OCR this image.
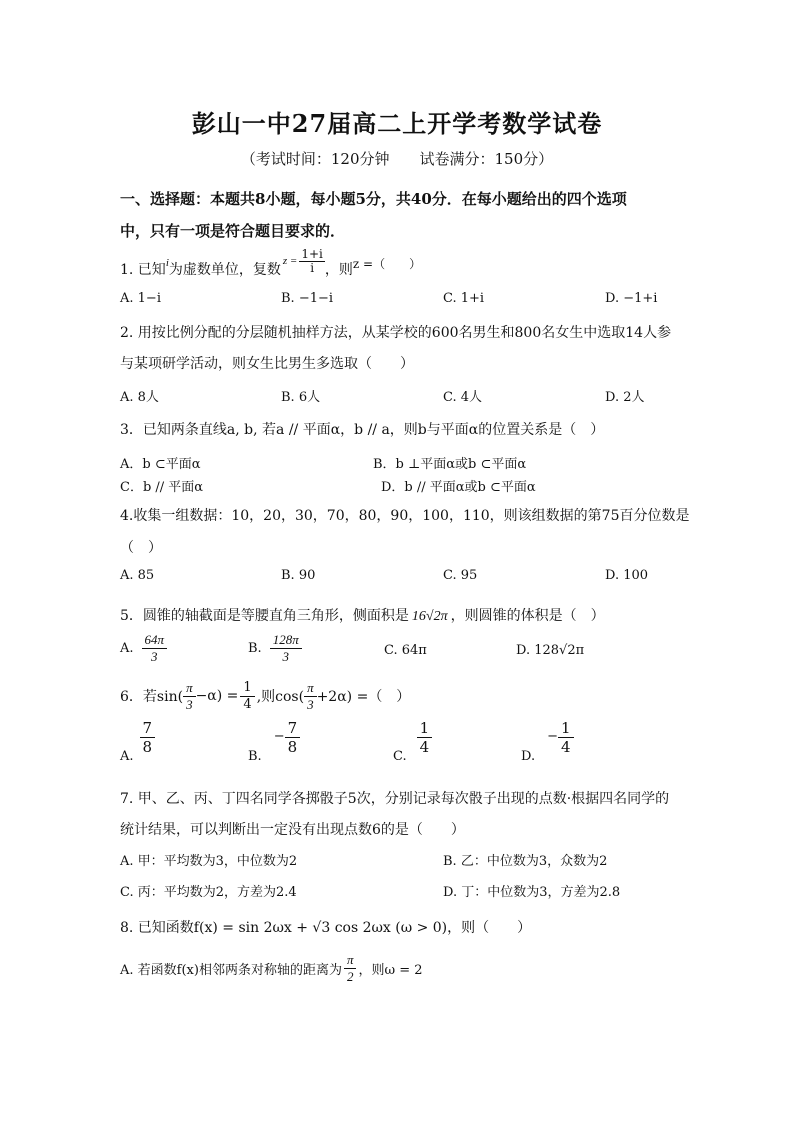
彭山一中27届高二上开学考数学试卷
（考试时间：120分钟　　试卷满分：150分）
一、选择题：本题共8小题，每小题5分，共40分．在每小题给出的四个选项
中，只有一项是符合题目要求的．
1. 已知 i 为虚数单位，复数
$z = \frac{1+i}{i}$ ，则 z =（　　）
A. 1−i	B. −1−i	C. 1+i	D. −1+i
2. 用按比例分配的分层随机抽样方法，从某学校的600名男生和800名女生中选取14人参
与某项研学活动，则女生比男生多选取（　　）
A. 8人	B. 6人	C. 4人	D. 2人
3．已知两条直线a, b, 若a // 平面α，b // a，则b与平面α的位置关系是（　）
A．b ⊂平面α	B．b ⊥平面α或b ⊂平面α
C．b // 平面α	D．b // 平面α或b ⊂平面α
4.收集一组数据：10，20，30，70，80，90，100，110，则该组数据的第75百分位数是
（　）
A. 85	B. 90	C. 95	D. 100
5．圆锥的轴截面是等腰直角三角形，侧面积是 16√2π ，则圆锥的体积是（　）
A. $\frac{64\pi}{3}$	B. $\frac{128\pi}{3}$	C. 64π	D. 128√2π
6．若$\sin( \frac{\pi}{3} -\alpha) = \frac{1}{4}$ ,则$\cos( \frac{\pi}{3} +2\alpha)$ =（　）
A.
$\frac{7}{8}$
B.
− $\frac{7}{8}$
C.
$\frac{1}{4}$
D.
− $\frac{1}{4}$
7. 甲、乙、丙、丁四名同学各掷骰子5次，分别记录每次骰子出现的点数·根据四名同学的
统计结果，可以判断出一定没有出现点数6的是（　　）
A. 甲：平均数为3，中位数为2	B. 乙：中位数为3，众数为2
C. 丙：平均数为2，方差为2.4	D. 丁：中位数为3，方差为2.8
8. 已知函数f(x) = sin 2ωx + √3 cos 2ωx (ω > 0)，则（　　）
A. 若函数f(x)相邻两条对称轴的距离为 $\frac{\pi}{2}$ ，则ω = 2
